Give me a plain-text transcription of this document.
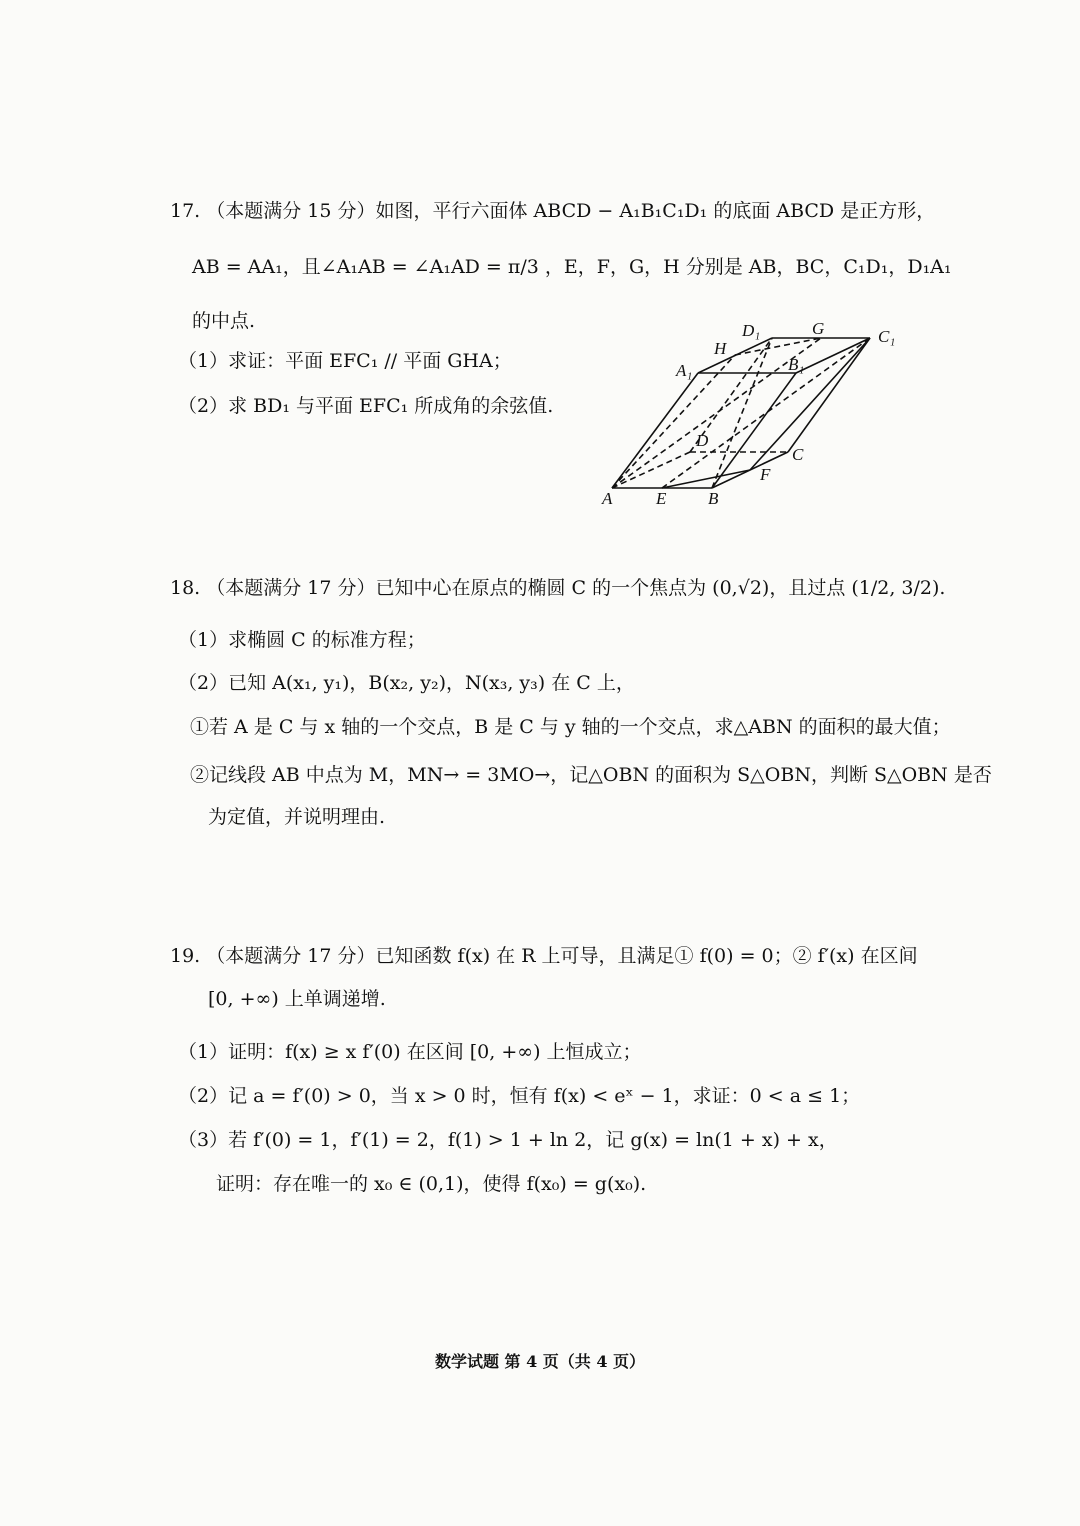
17. （本题满分 15 分）如图，平行六面体 ABCD − A₁B₁C₁D₁ 的底面 ABCD 是正方形，
AB = AA₁，且∠A₁AB = ∠A₁AD = π/3 ，E，F，G，H 分别是 AB，BC，C₁D₁，D₁A₁
的中点.
（1）求证：平面 EFC₁ // 平面 GHA；
（2）求 BD₁ 与平面 EFC₁ 所成角的余弦值.
D₁	G	C₁
H
B₁
A₁
D
C
F
A	E B
18. （本题满分 17 分）已知中心在原点的椭圆 C 的一个焦点为 (0,√2)，且过点 (1/2, 3/2).
（1）求椭圆 C 的标准方程；
（2）已知 A(x₁, y₁)，B(x₂, y₂)，N(x₃, y₃) 在 C 上，
①若 A 是 C 与 x 轴的一个交点，B 是 C 与 y 轴的一个交点，求△ABN 的面积的最大值；
②记线段 AB 中点为 M，MN→ = 3MO→，记△OBN 的面积为 S△OBN，判断 S△OBN 是否
为定值，并说明理由.
19. （本题满分 17 分）已知函数 f(x) 在 R 上可导，且满足① f(0) = 0；② f′(x) 在区间
[0, +∞) 上单调递增.
（1）证明：f(x) ≥ x f′(0) 在区间 [0, +∞) 上恒成立；
（2）记 a = f′(0) > 0，当 x > 0 时，恒有 f(x) < eˣ − 1，求证：0 < a ≤ 1；
（3）若 f′(0) = 1，f′(1) = 2，f(1) > 1 + ln 2，记 g(x) = ln(1 + x) + x，
证明：存在唯一的 x₀ ∈ (0,1)，使得 f(x₀) = g(x₀).
数学试题 第 4 页（共 4 页）
